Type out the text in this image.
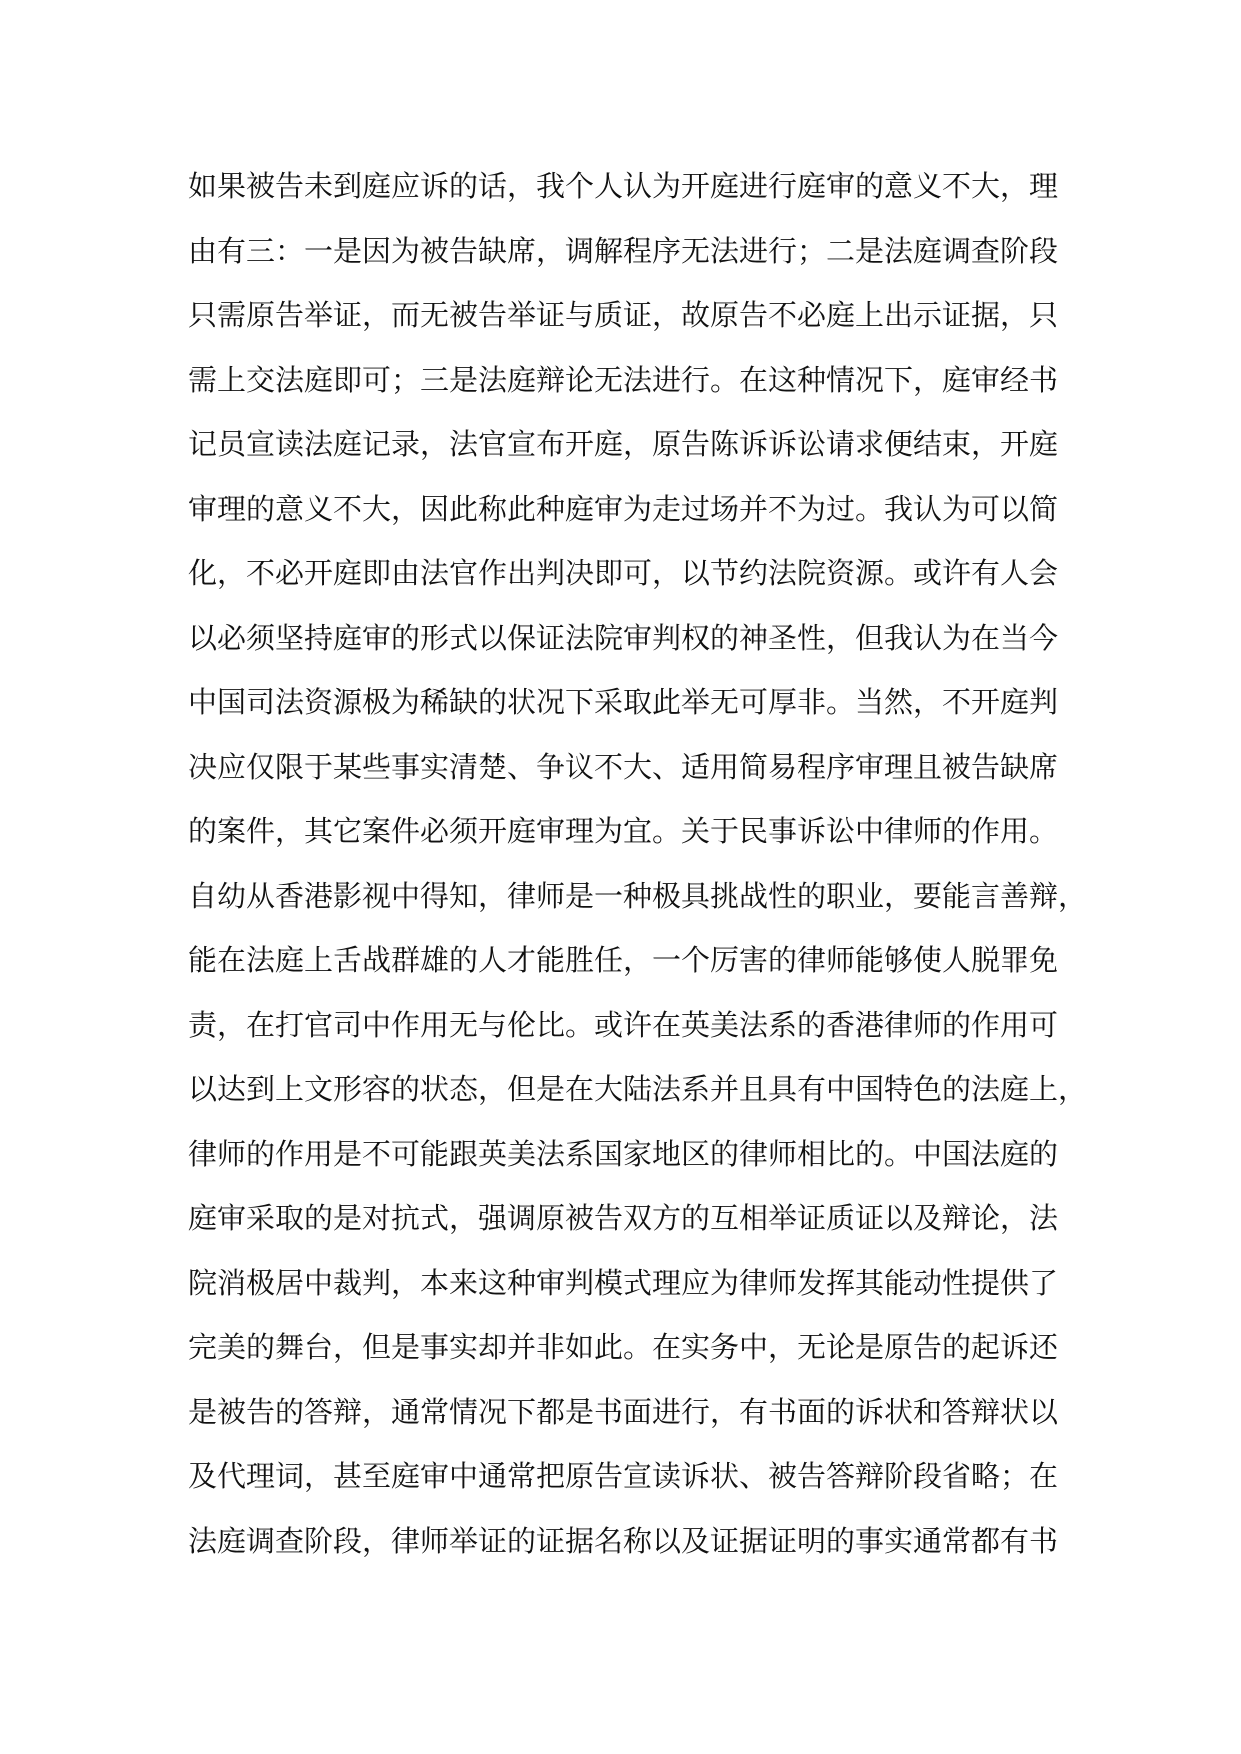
如果被告未到庭应诉的话，我个人认为开庭进行庭审的意义不大，理
由有三：一是因为被告缺席，调解程序无法进行；二是法庭调查阶段
只需原告举证，而无被告举证与质证，故原告不必庭上出示证据，只
需上交法庭即可；三是法庭辩论无法进行。在这种情况下，庭审经书
记员宣读法庭记录，法官宣布开庭，原告陈诉诉讼请求便结束，开庭
审理的意义不大，因此称此种庭审为走过场并不为过。我认为可以简
化，不必开庭即由法官作出判决即可，以节约法院资源。或许有人会
以必须坚持庭审的形式以保证法院审判权的神圣性，但我认为在当今
中国司法资源极为稀缺的状况下采取此举无可厚非。当然，不开庭判
决应仅限于某些事实清楚、争议不大、适用简易程序审理且被告缺席
的案件，其它案件必须开庭审理为宜。关于民事诉讼中律师的作用。
自幼从香港影视中得知，律师是一种极具挑战性的职业，要能言善辩，
能在法庭上舌战群雄的人才能胜任，一个厉害的律师能够使人脱罪免
责，在打官司中作用无与伦比。或许在英美法系的香港律师的作用可
以达到上文形容的状态，但是在大陆法系并且具有中国特色的法庭上，
律师的作用是不可能跟英美法系国家地区的律师相比的。中国法庭的
庭审采取的是对抗式，强调原被告双方的互相举证质证以及辩论，法
院消极居中裁判，本来这种审判模式理应为律师发挥其能动性提供了
完美的舞台，但是事实却并非如此。在实务中，无论是原告的起诉还
是被告的答辩，通常情况下都是书面进行，有书面的诉状和答辩状以
及代理词，甚至庭审中通常把原告宣读诉状、被告答辩阶段省略；在
法庭调查阶段，律师举证的证据名称以及证据证明的事实通常都有书
